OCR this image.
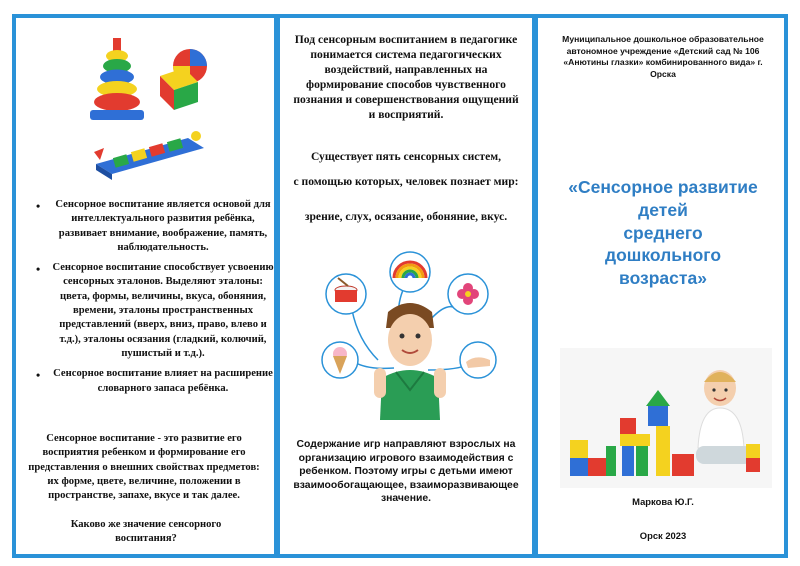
• Сенсорное воспитание является основой для интеллектуального развития ребёнка, развивает внимание, воображение, память, наблюдательность.
• Сенсорное воспитание способствует усвоению сенсорных эталонов. Выделяют эталоны: цвета, формы, величины, вкуса, обоняния, времени, эталоны пространственных представлений (вверх, вниз, право, влево и т.д.), эталоны осязания (гладкий, колючий, пушистый и т.д.).
• Сенсорное воспитание влияет на расширение словарного запаса ребёнка.
Сенсорное воспитание - это развитие его восприятия ребенком и формирование его представления о внешних свойствах предметов: их форме, цвете, величине, положении в пространстве, запахе, вкусе и так далее.
Каково же значение сенсорного воспитания?
Под сенсорным воспитанием в педагогике понимается система педагогических воздействий, направленных на формирование способов чувственного познания и совершенствования ощущений и восприятий.
Существует пять сенсорных систем,
с помощью которых, человек познает мир:
зрение, слух, осязание, обоняние, вкус.
Содержание игр направляют взрослых на организацию игрового взаимодействия с ребенком. Поэтому игры с детьми имеют взаимообогащающее, взаиморазвивающее значение.
Муниципальное дошкольное образовательное автономное учреждение «Детский сад № 106 «Анютины глазки» комбинированного вида» г. Орска
«Сенсорное развитие
детей
среднего
дошкольного
возраста»
Маркова Ю.Г.
Орск 2023
